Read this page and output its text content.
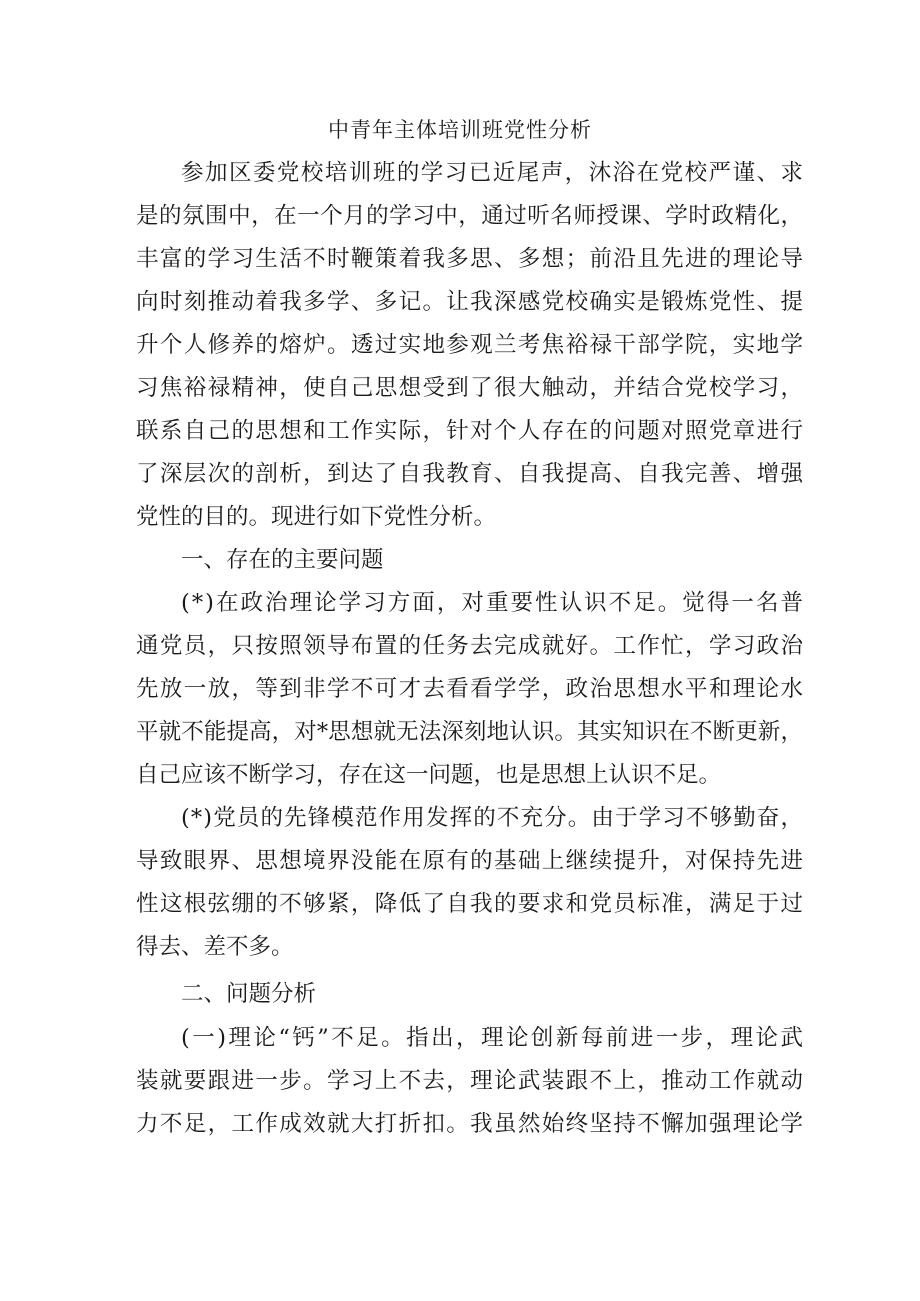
中青年主体培训班党性分析
参加区委党校培训班的学习已近尾声，沐浴在党校严谨、求
是的氛围中，在一个月的学习中，通过听名师授课、学时政精化，
丰富的学习生活不时鞭策着我多思、多想；前沿且先进的理论导
向时刻推动着我多学、多记。让我深感党校确实是锻炼党性、提
升个人修养的熔炉。透过实地参观兰考焦裕禄干部学院，实地学
习焦裕禄精神，使自己思想受到了很大触动，并结合党校学习，
联系自己的思想和工作实际，针对个人存在的问题对照党章进行
了深层次的剖析，到达了自我教育、自我提高、自我完善、增强
党性的目的。现进行如下党性分析。
一、存在的主要问题
(*)在政治理论学习方面，对重要性认识不足。觉得一名普
通党员，只按照领导布置的任务去完成就好。工作忙，学习政治
先放一放，等到非学不可才去看看学学，政治思想水平和理论水
平就不能提高，对*思想就无法深刻地认识。其实知识在不断更新，
自己应该不断学习，存在这一问题，也是思想上认识不足。
(*)党员的先锋模范作用发挥的不充分。由于学习不够勤奋，
导致眼界、思想境界没能在原有的基础上继续提升，对保持先进
性这根弦绷的不够紧，降低了自我的要求和党员标准，满足于过
得去、差不多。
二、问题分析
(一)理论“钙”不足。指出，理论创新每前进一步，理论武
装就要跟进一步。学习上不去，理论武装跟不上，推动工作就动
力不足，工作成效就大打折扣。我虽然始终坚持不懈加强理论学
